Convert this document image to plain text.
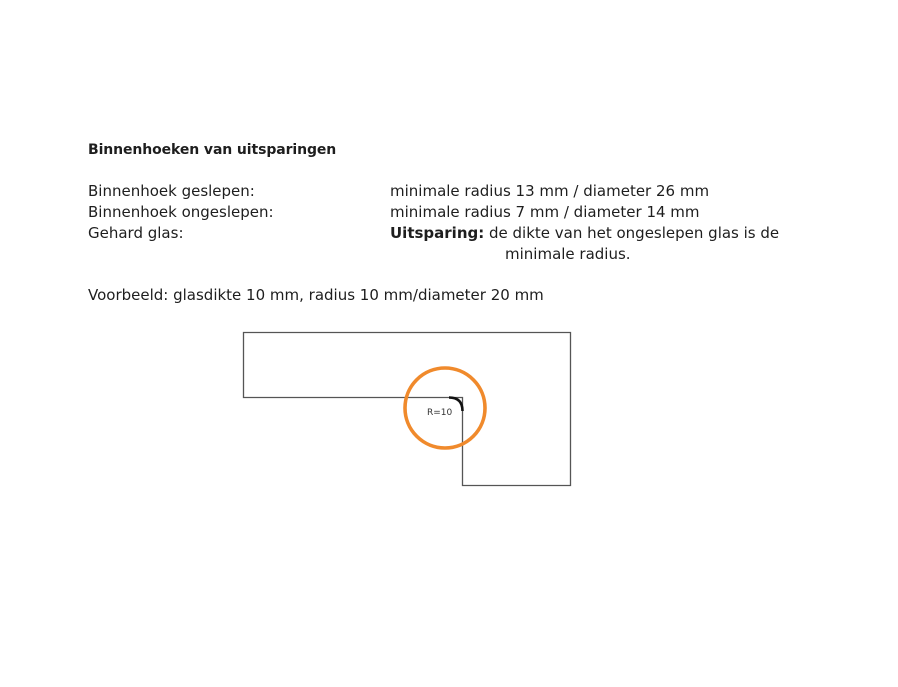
Binnenhoeken van uitsparingen
Binnenhoek geslepen:	minimale radius 13 mm / diameter 26 mm
Binnenhoek ongeslepen:	minimale radius 7 mm / diameter 14 mm
Gehard glas:	Uitsparing: de dikte van het ongeslepen glas is de
minimale radius.
Voorbeeld: glasdikte 10 mm, radius 10 mm/diameter 20 mm
R=10
